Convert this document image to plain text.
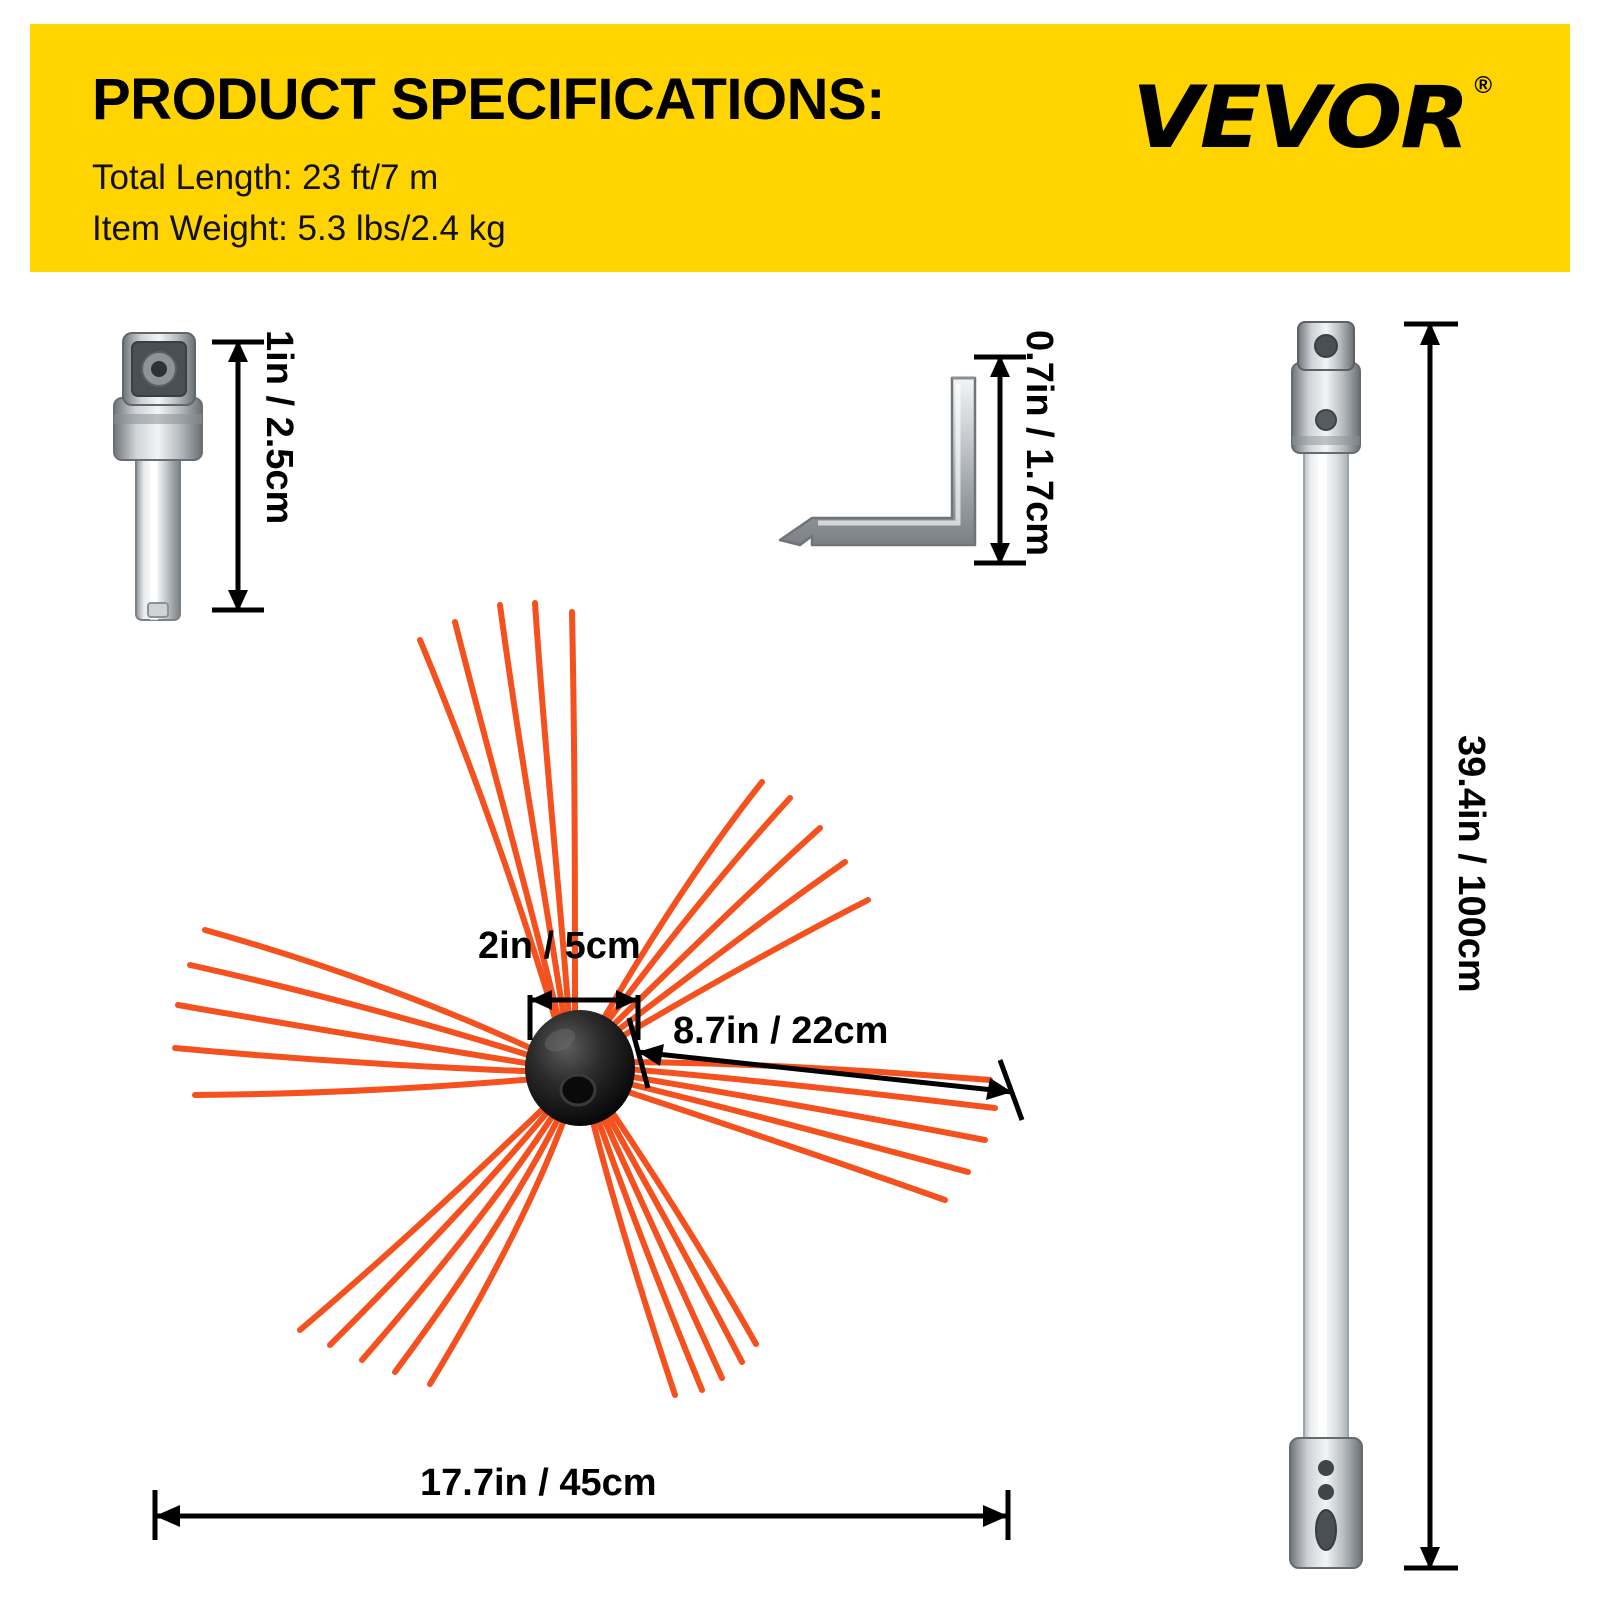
PRODUCT SPECIFICATIONS:
Total Length: 23 ft/7 m
Item Weight: 5.3 lbs/2.4 kg
VEVOR ®
1in / 2.5cm	0.7in / 1.7cm
2in / 5cm
8.7in / 22cm
17.7in / 45cm
39.4in / 100cm
